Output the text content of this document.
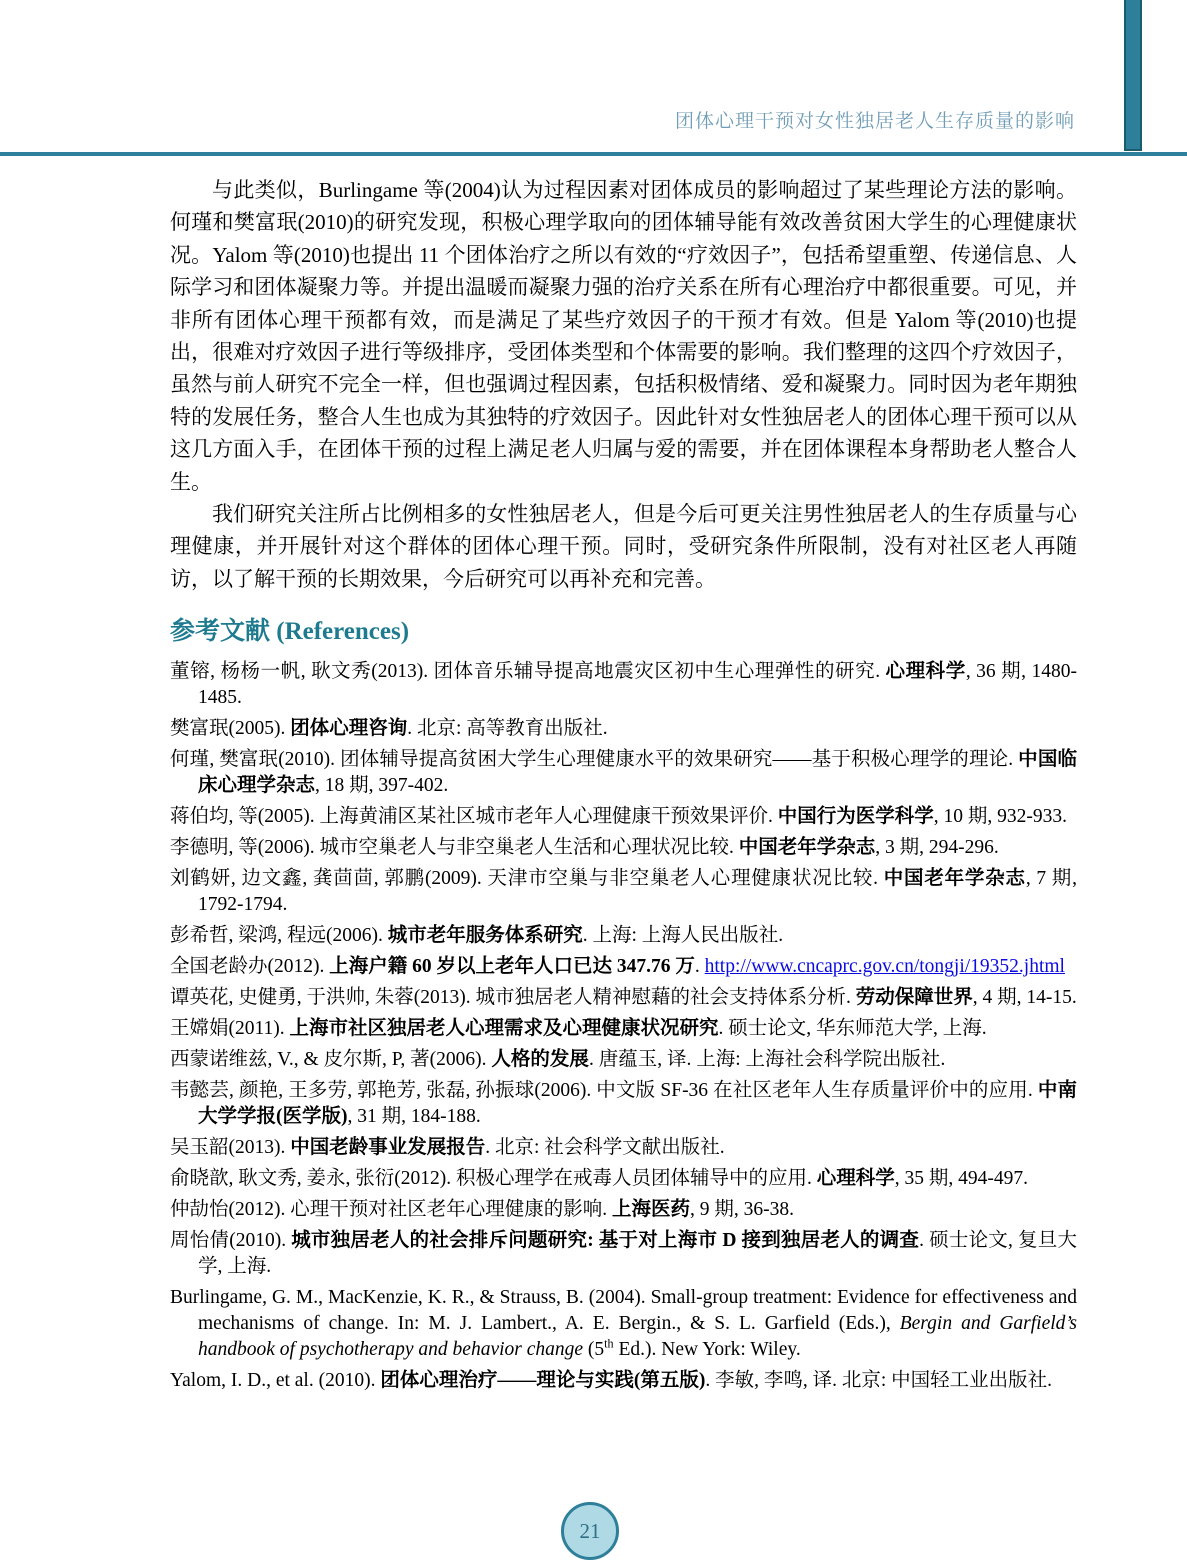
团体心理干预对女性独居老人生存质量的影响

与此类似，Burlingame 等(2004)认为过程因素对团体成员的影响超过了某些理论方法的影响。何瑾和樊富珉(2010)的研究发现，积极心理学取向的团体辅导能有效改善贫困大学生的心理健康状况。Yalom 等(2010)也提出 11 个团体治疗之所以有效的“疗效因子”，包括希望重塑、传递信息、人际学习和团体凝聚力等。并提出温暖而凝聚力强的治疗关系在所有心理治疗中都很重要。可见，并非所有团体心理干预都有效，而是满足了某些疗效因子的干预才有效。但是 Yalom 等(2010)也提出，很难对疗效因子进行等级排序，受团体类型和个体需要的影响。我们整理的这四个疗效因子，虽然与前人研究不完全一样，但也强调过程因素，包括积极情绪、爱和凝聚力。同时因为老年期独特的发展任务，整合人生也成为其独特的疗效因子。因此针对女性独居老人的团体心理干预可以从这几方面入手，在团体干预的过程上满足老人归属与爱的需要，并在团体课程本身帮助老人整合人生。

我们研究关注所占比例相多的女性独居老人，但是今后可更关注男性独居老人的生存质量与心理健康，并开展针对这个群体的团体心理干预。同时，受研究条件所限制，没有对社区老人再随访，以了解干预的长期效果，今后研究可以再补充和完善。

参考文献 (References)

董镕, 杨杨一帆, 耿文秀(2013). 团体音乐辅导提高地震灾区初中生心理弹性的研究. 心理科学, 36 期, 1480-1485.

樊富珉(2005). 团体心理咨询. 北京: 高等教育出版社.

何瑾, 樊富珉(2010). 团体辅导提高贫困大学生心理健康水平的效果研究——基于积极心理学的理论. 中国临床心理学杂志, 18 期, 397-402.

蒋伯均, 等(2005). 上海黄浦区某社区城市老年人心理健康干预效果评价. 中国行为医学科学, 10 期, 932-933.

李德明, 等(2006). 城市空巢老人与非空巢老人生活和心理状况比较. 中国老年学杂志, 3 期, 294-296.

刘鹤妍, 边文鑫, 龚茴茴, 郭鹏(2009). 天津市空巢与非空巢老人心理健康状况比较. 中国老年学杂志, 7 期, 1792-1794.

彭希哲, 梁鸿, 程远(2006). 城市老年服务体系研究. 上海: 上海人民出版社.

全国老龄办(2012). 上海户籍 60 岁以上老年人口已达 347.76 万. http://www.cncaprc.gov.cn/tongji/19352.jhtml

谭英花, 史健勇, 于洪帅, 朱蓉(2013). 城市独居老人精神慰藉的社会支持体系分析. 劳动保障世界, 4 期, 14-15.

王嫦娟(2011). 上海市社区独居老人心理需求及心理健康状况研究. 硕士论文, 华东师范大学, 上海.

西蒙诺维兹, V., & 皮尔斯, P, 著(2006). 人格的发展. 唐蕴玉, 译. 上海: 上海社会科学院出版社.

韦懿芸, 颜艳, 王多劳, 郭艳芳, 张磊, 孙振球(2006). 中文版 SF-36 在社区老年人生存质量评价中的应用. 中南大学学报(医学版), 31 期, 184-188.

吴玉韶(2013). 中国老龄事业发展报告. 北京: 社会科学文献出版社.

俞晓歆, 耿文秀, 姜永, 张衍(2012). 积极心理学在戒毒人员团体辅导中的应用. 心理科学, 35 期, 494-497.

仲劼怡(2012). 心理干预对社区老年心理健康的影响. 上海医药, 9 期, 36-38.

周怡倩(2010). 城市独居老人的社会排斥问题研究: 基于对上海市 D 接到独居老人的调查. 硕士论文, 复旦大学, 上海.

Burlingame, G. M., MacKenzie, K. R., & Strauss, B. (2004). Small-group treatment: Evidence for effectiveness and mechanisms of change. In: M. J. Lambert., A. E. Bergin., & S. L. Garfield (Eds.), Bergin and Garfield’s handbook of psychotherapy and behavior change (5th Ed.). New York: Wiley.

Yalom, I. D., et al. (2010). 团体心理治疗——理论与实践(第五版). 李敏, 李鸣, 译. 北京: 中国轻工业出版社.

21
